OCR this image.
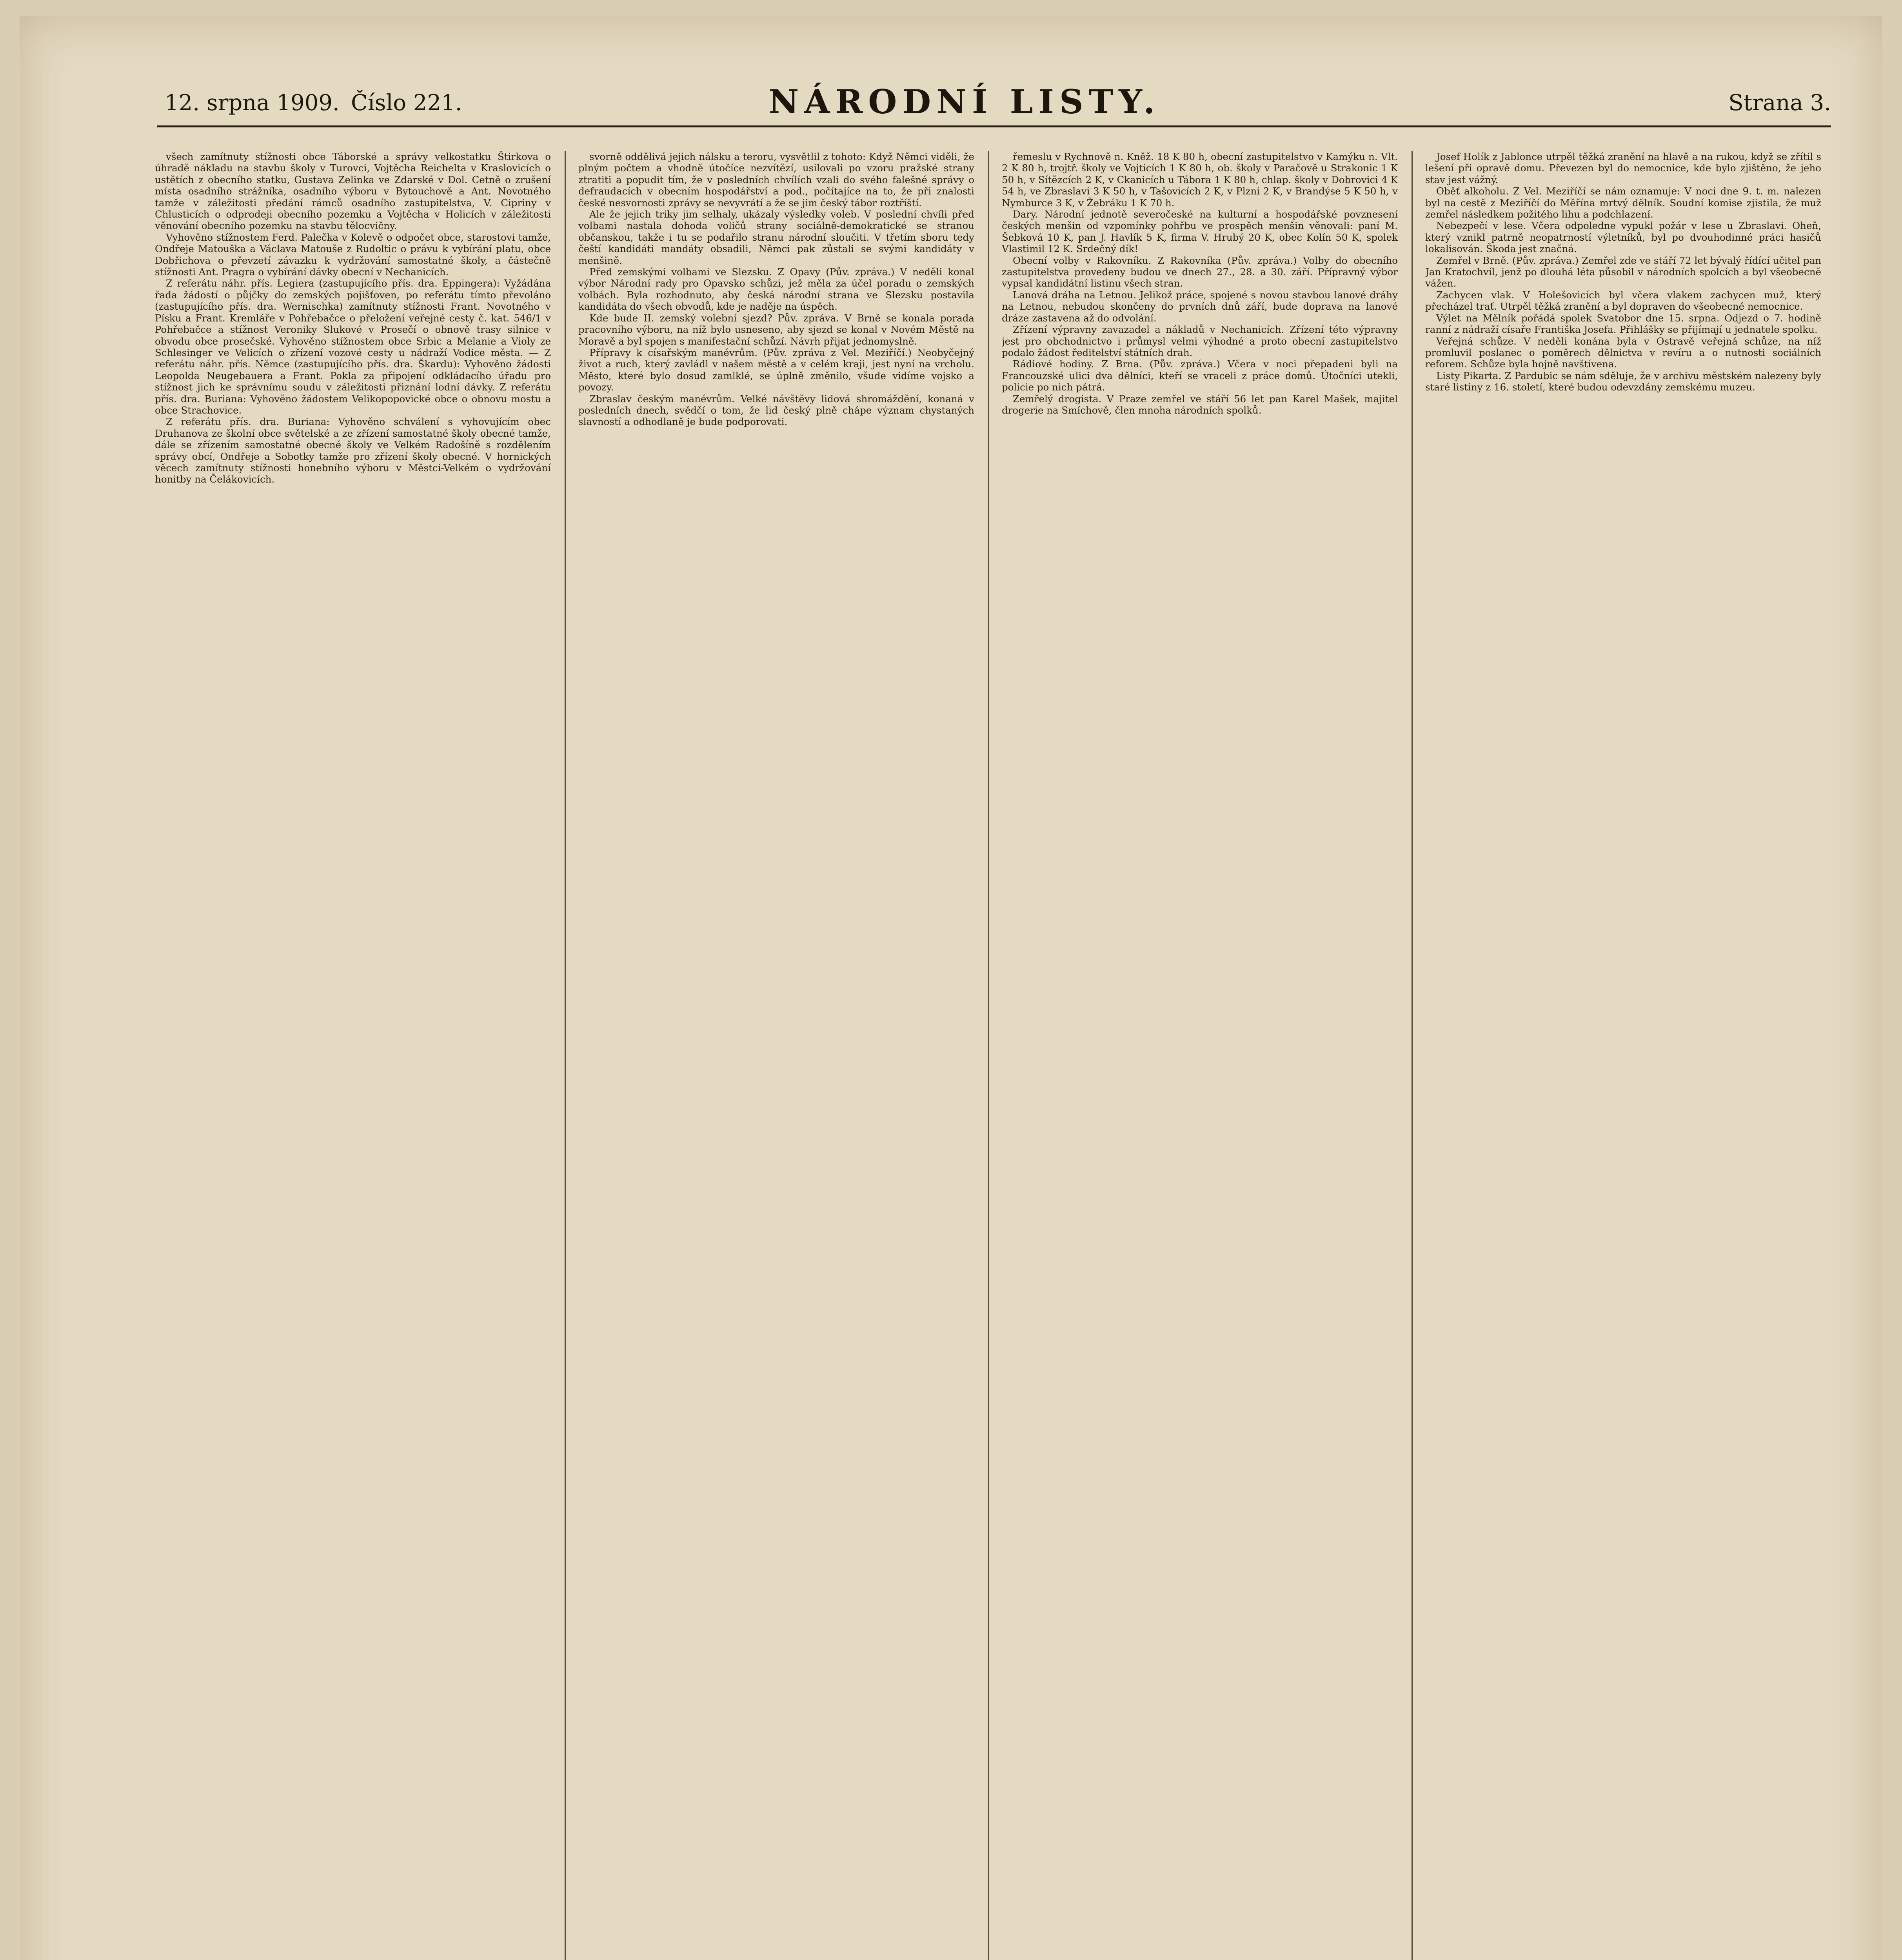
12. srpna 1909. Číslo 221.	NÁRODNÍ LISTY.	Strana 3.

všech zamítnuty stížnosti obce Táborské a správy velkostatku Štirkova o úhradě nákladu na stavbu školy v Turovci, Vojtěcha Reichelta v Kraslovicích o ustětích z obecního statku, Gustava Zelinka ve Zdarské v Dol. Cetně o zrušení místa osadního strážníka, osadního výboru v Bytouchově a Ant. Novotného tamže v záležitosti předání rámců osadního zastupitelstva, V. Cipriny v Chlusticích o odprodeji obecního pozemku a Vojtěcha v Holicích v záležitosti věnování obecního pozemku na stavbu tělocvičny.

Vyhověno stížnostem Ferd. Palečka v Kolevě o odpočet obce, starostovi tamže, Ondřeje Matouška a Václava Matouše z Rudoltic o právu k vybírání platu, obce Dobřichova o převzetí závazku k vydržování samostatné školy, a částečně stížnosti Ant. Pragra o vybírání dávky obecní v Nechanicích.

Z referátu náhr. přís. Legiera (zastupujícího přís. dra. Eppingera): Vyžádána řada žádostí o půjčky do zemských pojišťoven, po referátu tímto převoláno (zastupujícího přís. dra. Wernischka) zamítnuty stížnosti Frant. Novotného v Písku a Frant. Kremláře v Pohřebačce o přeložení veřejné cesty č. kat. 546/1 v Pohřebačce a stížnost Veroniky Slukové v Prosečí o obnově trasy silnice v obvodu obce prosečské. Vyhověno stížnostem obce Srbic a Melanie a Violy ze Schlesinger ve Velicích o zřízení vozové cesty u nádraží Vodice města. — Z referátu náhr. přís. Němce (zastupujícího přís. dra. Škardu): Vyhověno žádosti Leopolda Neugebauera a Frant. Pokla za připojení odkládacího úřadu pro stížnost jich ke správnímu soudu v záležitosti přiznání lodní dávky. Z referátu přís. dra. Buriana: Vyhověno žádostem Velikopopovické obce o obnovu mostu a obce Strachovice.

Z referátu přís. dra. Buriana: Vyhověno schválení s vyhovujícím obec Druhanova ze školní obce světelské a ze zřízení samostatné školy obecné tamže, dále se zřízením samostatné obecné školy ve Velkém Radošíně s rozdělením správy obcí, Ondřeje a Sobotky tamže pro zřízení školy obecné. V hornických věcech zamítnuty stížnosti honebního výboru v Městci-Velkém o vydržování honitby na Čelákovicích.

svorně oddělivá jejich nálsku a teroru, vysvětlil z tohoto: Když Němci viděli, že plným počtem a vhodně útočíce nezvítězí, usilovali po vzoru pražské strany ztratiti a popudit tím, že v posledních chvílích vzali do svého falešné správy o defraudacích v obecním hospodářství a pod., počítajíce na to, že při znalosti české nesvornosti zprávy se nevyvrátí a že se jim český tábor roztříští.

Ale že jejich triky jim selhaly, ukázaly výsledky voleb. V poslední chvíli před volbami nastala dohoda voličů strany sociálně-demokratické se stranou občanskou, takže i tu se podařilo stranu národní sloučiti. V třetím sboru tedy čeští kandidáti mandáty obsadili, Němci pak zůstali se svými kandidáty v menšině.

Před zemskými volbami ve Slezsku. Z Opavy (Pův. zpráva.) V neděli konal výbor Národní rady pro Opavsko schůzi, jež měla za účel poradu o zemských volbách. Byla rozhodnuto, aby česká národní strana ve Slezsku postavila kandidáta do všech obvodů, kde je naděje na úspěch.

Kde bude II. zemský volební sjezd? Pův. zpráva. V Brně se konala porada pracovního výboru, na níž bylo usneseno, aby sjezd se konal v Novém Městě na Moravě a byl spojen s manifestační schůzí. Návrh přijat jednomyslně.

Přípravy k císařským manévrům. (Pův. zpráva z Vel. Meziříčí.) Neobyčejný život a ruch, který zavládl v našem městě a v celém kraji, jest nyní na vrcholu. Město, které bylo dosud zamlklé, se úplně změnilo, všude vidíme vojsko a povozy.

Zbraslav českým manévrům. Velké návštěvy lidová shromáždění, konaná v posledních dnech, svědčí o tom, že lid český plně chápe význam chystaných slavností a odhodlaně je bude podporovati.

řemeslu v Rychnově n. Kněž. 18 K 80 h, obecní zastupitelstvo v Kamýku n. Vlt. 2 K 80 h, trojtř. školy ve Vojticích 1 K 80 h, ob. školy v Paračově u Strakonic 1 K 50 h, v Sítězcích 2 K, v Ckanicích u Tábora 1 K 80 h, chlap. školy v Dobrovici 4 K 54 h, ve Zbraslavi 3 K 50 h, v Tašovicích 2 K, v Plzni 2 K, v Brandýse 5 K 50 h, v Nymburce 3 K, v Žebráku 1 K 70 h.

Dary. Národní jednotě severočeské na kulturní a hospodářské povznesení českých menšin od vzpomínky pohřbu ve prospěch menšin věnovali: paní M. Šebková 10 K, pan J. Havlík 5 K, firma V. Hrubý 20 K, obec Kolín 50 K, spolek Vlastimil 12 K. Srdečný dík!

Obecní volby v Rakovníku. Z Rakovníka (Pův. zpráva.) Volby do obecního zastupitelstva provedeny budou ve dnech 27., 28. a 30. září. Přípravný výbor vypsal kandidátní listinu všech stran.

Lanová dráha na Letnou. Jelikož práce, spojené s novou stavbou lanové dráhy na Letnou, nebudou skončeny do prvních dnů září, bude doprava na lanové dráze zastavena až do odvolání.

Zřízení výpravny zavazadel a nákladů v Nechanicích. Zřízení této výpravny jest pro obchodnictvo i průmysl velmi výhodné a proto obecní zastupitelstvo podalo žádost ředitelství státních drah.

Rádiové hodiny. Z Brna. (Pův. zpráva.) Včera v noci přepadeni byli na Francouzské ulici dva dělníci, kteří se vraceli z práce domů. Útočníci utekli, policie po nich pátrá.

Zemřelý drogista. V Praze zemřel ve stáří 56 let pan Karel Mašek, majitel drogerie na Smíchově, člen mnoha národních spolků.

Josef Holík z Jablonce utrpěl těžká zranění na hlavě a na rukou, když se zřítil s lešení při opravě domu. Převezen byl do nemocnice, kde bylo zjištěno, že jeho stav jest vážný.

Oběť alkoholu. Z Vel. Meziříčí se nám oznamuje: V noci dne 9. t. m. nalezen byl na cestě z Meziříčí do Měřína mrtvý dělník. Soudní komise zjistila, že muž zemřel následkem požitého lihu a podchlazení.

Nebezpečí v lese. Včera odpoledne vypukl požár v lese u Zbraslavi. Oheň, který vznikl patrně neopatrností výletníků, byl po dvouhodinné práci hasičů lokalisován. Škoda jest značná.

Zemřel v Brně. (Pův. zpráva.) Zemřel zde ve stáří 72 let bývalý řídící učitel pan Jan Kratochvíl, jenž po dlouhá léta působil v národních spolcích a byl všeobecně vážen.

Zachycen vlak. V Holešovicích byl včera vlakem zachycen muž, který přecházel trať. Utrpěl těžká zranění a byl dopraven do všeobecné nemocnice.

Výlet na Mělník pořádá spolek Svatobor dne 15. srpna. Odjezd o 7. hodině ranní z nádraží císaře Františka Josefa. Přihlášky se přijímají u jednatele spolku.

Veřejná schůze. V neděli konána byla v Ostravě veřejná schůze, na níž promluvil poslanec o poměrech dělnictva v revíru a o nutnosti sociálních reforem. Schůze byla hojně navštívena.

Listy Pikarta. Z Pardubic se nám sděluje, že v archivu městském nalezeny byly staré listiny z 16. století, které budou odevzdány zemskému muzeu.
